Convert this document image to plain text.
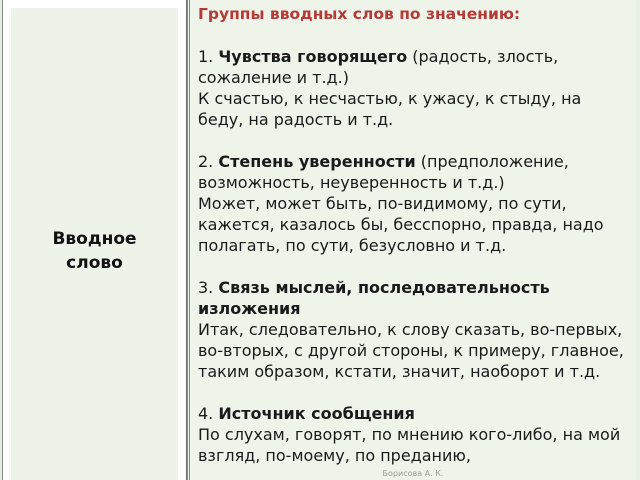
Вводное
слово
Группы вводных слов по значению:

1. Чувства говорящего (радость, злость, сожаление и т.д.)

К счастью, к несчастью, к ужасу, к стыду, на беду, на радость и т.д.

2. Степень уверенности (предположение, возможность, неуверенность и т.д.)

Может, может быть, по-видимому, по сути, кажется, казалось бы, бесспорно, правда, надо полагать, по сути, безусловно и т.д.

3. Связь мыслей, последовательность изложения

Итак, следовательно, к слову сказать, во-первых, во-вторых, с другой стороны, к примеру, главное, таким образом, кстати, значит, наоборот и т.д.

4. Источник сообщения

По слухам, говорят, по мнению кого-либо, на мой взгляд, по-моему, по преданию,

Борисова А. К.
